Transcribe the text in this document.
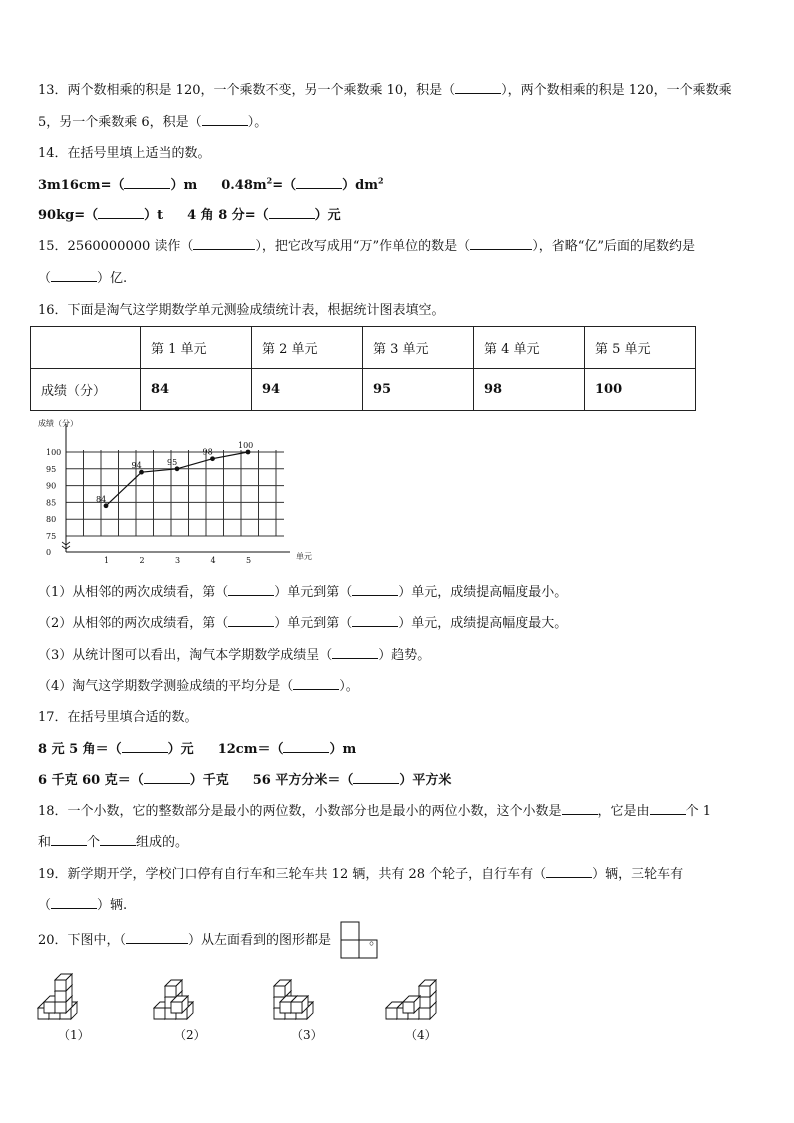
13．两个数相乘的积是 120，一个乘数不变，另一个乘数乘 10，积是（	），两个数相乘的积是 120，一个乘数乘
5，另一个乘数乘 6，积是（	）。
14．在括号里填上适当的数。
3m16cm=（	）m $0.48m^2=$（	）$dm^2$
90kg=（	）t 4 角 8 分=（	）元
15．2560000000 读作（	），把它改写成用“万”作单位的数是（	），省略“亿”后面的尾数约是
（	）亿.
16．下面是淘气这学期数学单元测验成绩统计表，根据统计图表填空。
	第 1 单元	第 2 单元	第 3 单元	第 4 单元	第 5 单元
成绩（分）	84	94	95	98	100
0
75
80
85
90
95
100
1	2	3	4	5
84
94	95
98
100
成绩（分）
单元
（1）从相邻的两次成绩看，第（	）单元到第（	）单元，成绩提高幅度最小。
（2）从相邻的两次成绩看，第（	）单元到第（	）单元，成绩提高幅度最大。
（3）从统计图可以看出，淘气本学期数学成绩呈（	）趋势。
（4）淘气这学期数学测验成绩的平均分是（	）。
17．在括号里填合适的数。
8 元 5 角＝（	）元 12cm＝（	）m
6 千克 60 克＝（	）千克 56 平方分米＝（	）平方米
18．一个小数，它的整数部分是最小的两位数，小数部分也是最小的两位小数，这个小数是	，它是由	个 1
和	个	组成的。
19．新学期开学，学校门口停有自行车和三轮车共 12 辆，共有 28 个轮子，自行车有（	）辆，三轮车有
（	）辆.
20．下图中，（	）从左面看到的图形都是	。
（1）	（2）	（3）	（4）
